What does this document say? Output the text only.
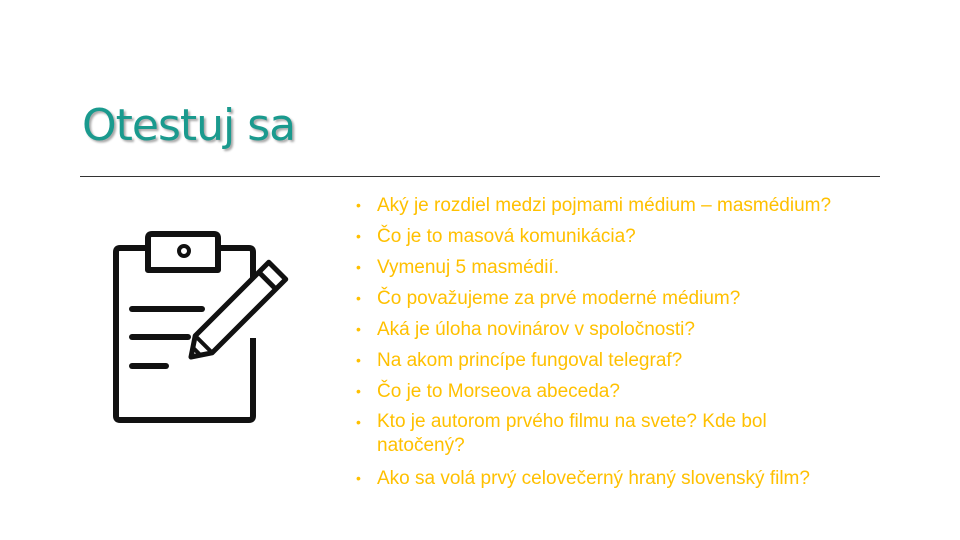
Otestuj sa
• Aký je rozdiel medzi pojmami médium – masmédium?
• Čo je to masová komunikácia?
• Vymenuj 5 masmédií.
• Čo považujeme za prvé moderné médium?
• Aká je úloha novinárov v spoločnosti?
• Na akom princípe fungoval telegraf?
• Čo je to Morseova abeceda?
• Kto je autorom prvého filmu na svete? Kde bol natočený?
• Ako sa volá prvý celovečerný hraný slovenský film?
